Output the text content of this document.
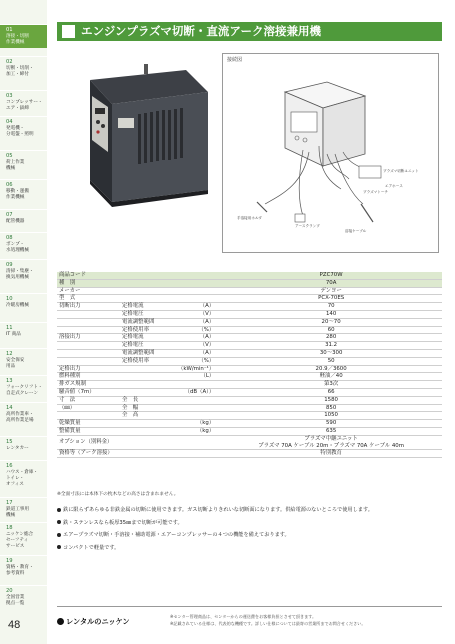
01
溶接・切断
作業機械
02
切断・切削・
加工・締付
03
コンプレッサー・
エア・鋲締
04
発電機・
分電盤・照明
05
荷上作業
機械
06
移動・運搬
作業機械
07
配管機器
08
ポンプ・
水処理機械
09
清掃・集塵・
換気用機械
10
冷暖房機械
11
IT 商品
12
安全保安
用品
13
フォークリフト・
自走式クレーン
14
高所作業車・
高所作業足場
15
レンタカー
16
ハウス・倉庫・
トイレ・
オフィス
17
鉄道工事用
機械
18
ニッケン総合
セーフティ
サービス
19
資格・教育・
参考資料
20
全国営業
拠点一覧
48
エンジンプラズマ切断・直流アーク溶接兼用機
接続図
プラズマ切断ユニット
エアホース
手溶接用ホルダ
アースクランプ
プラズマトーチ
溶接ケーブル
商品コード			PZC70W
種　別			70A
メーカー			デンヨー
型　式			PCX-70ES
切断出力	定格電流	（A）	70
	定格電圧	（V）	140
	電流調整範囲	（A）	20～70
	定格使用率	（%）	60
溶接出力	定格電流	（A）	280
	定格電圧	（V）	31.2
	電流調整範囲	（A）	30～300
	定格使用率	（%）	50
定格出力		（kW/min⁻¹）	20.9／3600
燃料種別		（L）	軽油／40
排ガス規制			第3次
騒音値（7m）		（dB（A））	66
寸　法	全　長		1580
（㎜）	全　幅		850
	全　高		1050
乾燥質量		（kg）	590
整備質量		（kg）	635
オプション（別料金）			プラズマ中継ユニット
プラズマ 70A ケーブル 20m・プラズマ 70A ケーブル 40m
資格等（アーク溶接）			特別教育
※全面寸法には本体下の枕木などの高さは含まれません。
鉄に限らずあらゆる非鉄金属の切断に使用できます。ガス切断よりきれいな切断面になります。供給電源のないところで使用します。
鉄・ステンレスなら板厚35㎜まで切断が可能です。
エアープラズマ切断・手溶接・補助電源・エアーコンプレッサーの４つの機能を備えております。
コンパクトで軽量です。
レンタルのニッケン
※センター管理商品は、センターからの運送費をお客様負担とさせて頂きます。
※記載されている仕様は、代表的な機種です。詳しい仕様については最寄の営業所までお問合せください。
